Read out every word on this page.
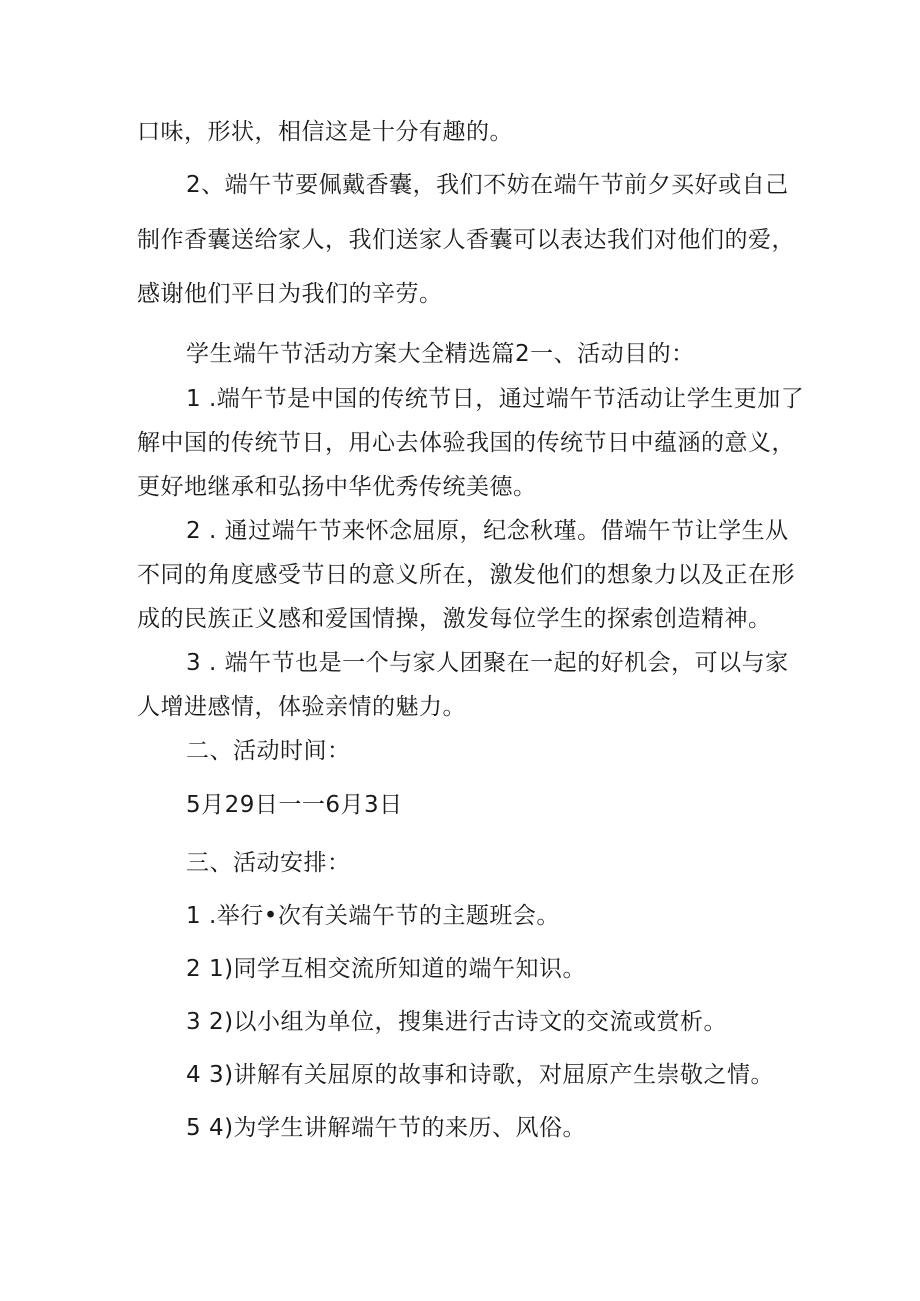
口味，形状，相信这是十分有趣的。
2、端午节要佩戴香囊，我们不妨在端午节前夕买好或自己
制作香囊送给家人，我们送家人香囊可以表达我们对他们的爱，
感谢他们平日为我们的辛劳。
学生端午节活动方案大全精选篇2一、活动目的：
1 .端午节是中国的传统节日，通过端午节活动让学生更加了
解中国的传统节日，用心去体验我国的传统节日中蕴涵的意义，
更好地继承和弘扬中华优秀传统美德。
2 . 通过端午节来怀念屈原，纪念秋瑾。借端午节让学生从
不同的角度感受节日的意义所在，激发他们的想象力以及正在形
成的民族正义感和爱国情操，激发每位学生的探索创造精神。
3 . 端午节也是一个与家人团聚在一起的好机会，可以与家
人增进感情，体验亲情的魅力。
二、活动时间：
5月29日一一6月3日
三、活动安排：
1 .举行•次有关端午节的主题班会。
2 1)同学互相交流所知道的端午知识。
3 2)以小组为单位，搜集进行古诗文的交流或赏析。
4 3)讲解有关屈原的故事和诗歌，对屈原产生崇敬之情。
5 4)为学生讲解端午节的来历、风俗。
